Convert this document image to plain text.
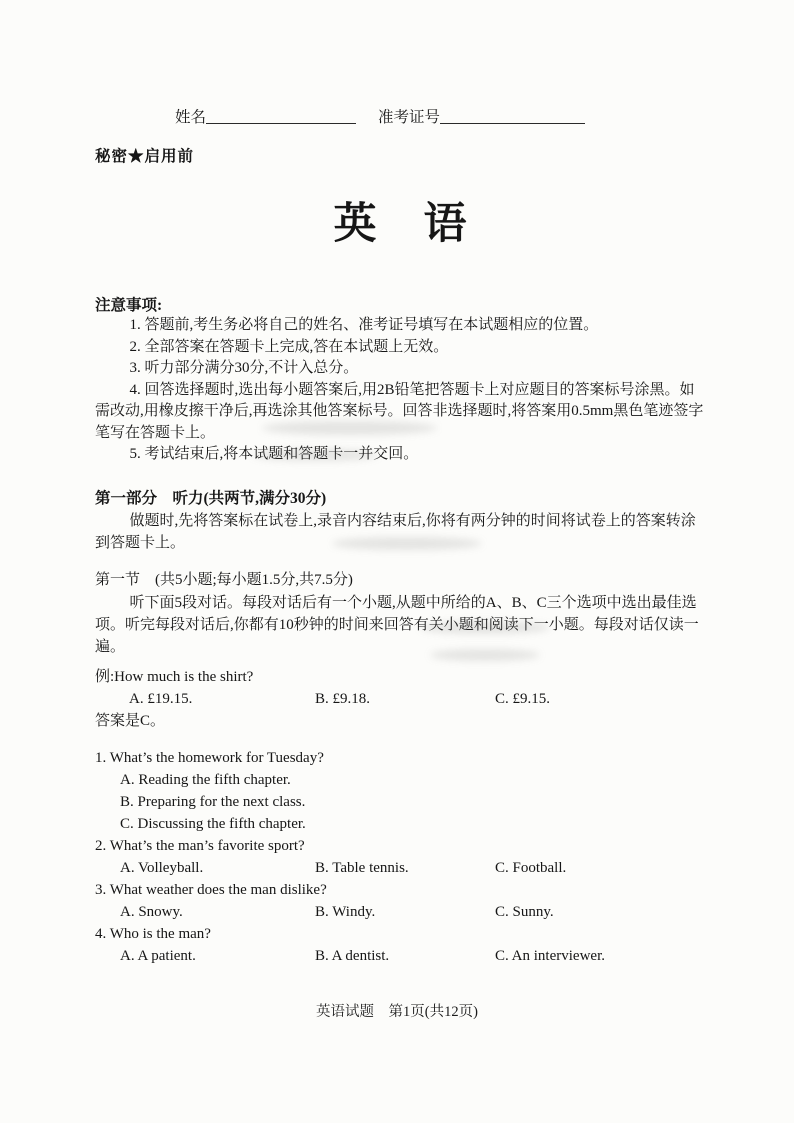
姓名	准考证号
秘密★启用前
英　语
注意事项:

1. 答题前,考生务必将自己的姓名、准考证号填写在本试题相应的位置。

2. 全部答案在答题卡上完成,答在本试题上无效。

3. 听力部分满分30分,不计入总分。

4. 回答选择题时,选出每小题答案后,用2B铅笔把答题卡上对应题目的答案标号涂黑。如需改动,用橡皮擦干净后,再选涂其他答案标号。回答非选择题时,将答案用0.5mm黑色笔迹签字笔写在答题卡上。

5. 考试结束后,将本试题和答题卡一并交回。

第一部分　听力(共两节,满分30分)

做题时,先将答案标在试卷上,录音内容结束后,你将有两分钟的时间将试卷上的答案转涂到答题卡上。

第一节　(共5小题;每小题1.5分,共7.5分)

听下面5段对话。每段对话后有一个小题,从题中所给的A、B、C三个选项中选出最佳选项。听完每段对话后,你都有10秒钟的时间来回答有关小题和阅读下一小题。每段对话仅读一遍。

例:How much is the shirt?
A. £19.15.	B. £9.18.	C. £9.15.
答案是C。
1. What’s the homework for Tuesday?
A. Reading the fifth chapter.
B. Preparing for the next class.
C. Discussing the fifth chapter.
2. What’s the man’s favorite sport?
A. Volleyball.	B. Table tennis.	C. Football.
3. What weather does the man dislike?
A. Snowy.	B. Windy.	C. Sunny.
4. Who is the man?
A. A patient.	B. A dentist.	C. An interviewer.
英语试题　第1页(共12页)
